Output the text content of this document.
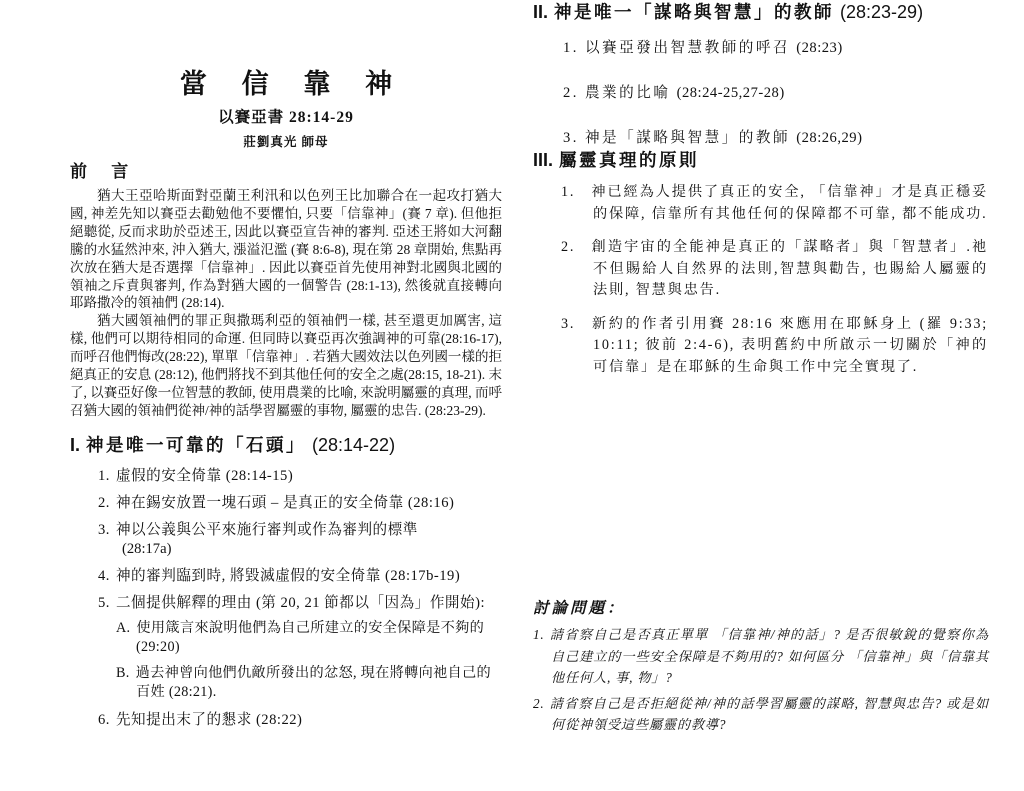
當 信 靠 神
以賽亞書 28:14-29
莊劉真光 師母
前 言
猶大王亞哈斯面對亞蘭王利汛和以色列王比加聯合在一起攻打猶大國, 神差先知以賽亞去勸勉他不要懼怕, 只要「信靠神」(賽 7 章). 但他拒絕聽從, 反而求助於亞述王, 因此以賽亞宣告神的審判. 亞述王將如大河翻騰的水猛然沖來, 沖入猶大, 漲溢氾濫 (賽 8:6-8), 現在第 28 章開始, 焦點再次放在猶大是否選擇「信靠神」. 因此以賽亞首先使用神對北國與北國的領袖之斥責與審判, 作為對猶大國的一個警告 (28:1-13), 然後就直接轉向耶路撒冷的領袖們 (28:14).
猶大國領袖們的罪正與撒瑪利亞的領袖們一樣, 甚至還更加厲害, 這樣, 他們可以期待相同的命運. 但同時以賽亞再次強調神的可靠(28:16-17), 而呼召他們悔改(28:22), 單單「信靠神」. 若猶大國效法以色列國一樣的拒絕真正的安息 (28:12), 他們將找不到其他任何的安全之處(28:15, 18-21). 末了, 以賽亞好像一位智慧的教師, 使用農業的比喻, 來說明屬靈的真理, 而呼召猶大國的領袖們從神/神的話學習屬靈的事物, 屬靈的忠告. (28:23-29).
I. 神是唯一可靠的「石頭」 (28:14-22)
1. 虛假的安全倚靠 (28:14-15)
2. 神在錫安放置一塊石頭 – 是真正的安全倚靠 (28:16)
3. 神以公義與公平來施行審判或作為審判的標準
(28:17a)
4. 神的審判臨到時, 將毀滅虛假的安全倚靠 (28:17b-19)
5. 二個提供解釋的理由 (第 20, 21 節都以「因為」作開始):
A. 使用箴言來說明他們為自己所建立的安全保障是不夠的 (29:20)
B. 過去神曾向他們仇敵所發出的忿怒, 現在將轉向祂自己的百姓 (28:21).
6. 先知提出末了的懇求 (28:22)
II. 神是唯一「謀略與智慧」的教師 (28:23-29)
1. 以賽亞發出智慧教師的呼召 (28:23)
2. 農業的比喻 (28:24-25,27-28)
3. 神是「謀略與智慧」的教師 (28:26,29)
III. 屬靈真理的原則
1. 神已經為人提供了真正的安全, 「信靠神」才是真正穩妥的保障, 信靠所有其他任何的保障都不可靠, 都不能成功.
2. 創造宇宙的全能神是真正的「謀略者」與「智慧者」.祂不但賜給人自然界的法則,智慧與勸告, 也賜給人屬靈的法則, 智慧與忠告.
3. 新約的作者引用賽 28:16 來應用在耶穌身上 (羅 9:33; 10:11; 彼前 2:4-6), 表明舊約中所啟示一切關於「神的可信靠」是在耶穌的生命與工作中完全實現了.
討論問題：
1. 請省察自己是否真正單單 「信靠神/神的話」? 是否很敏銳的覺察你為自己建立的一些安全保障是不夠用的? 如何區分 「信靠神」與「信靠其他任何人, 事, 物」?
2. 請省察自己是否拒絕從神/神的話學習屬靈的謀略, 智慧與忠告? 或是如何從神領受這些屬靈的教導?
